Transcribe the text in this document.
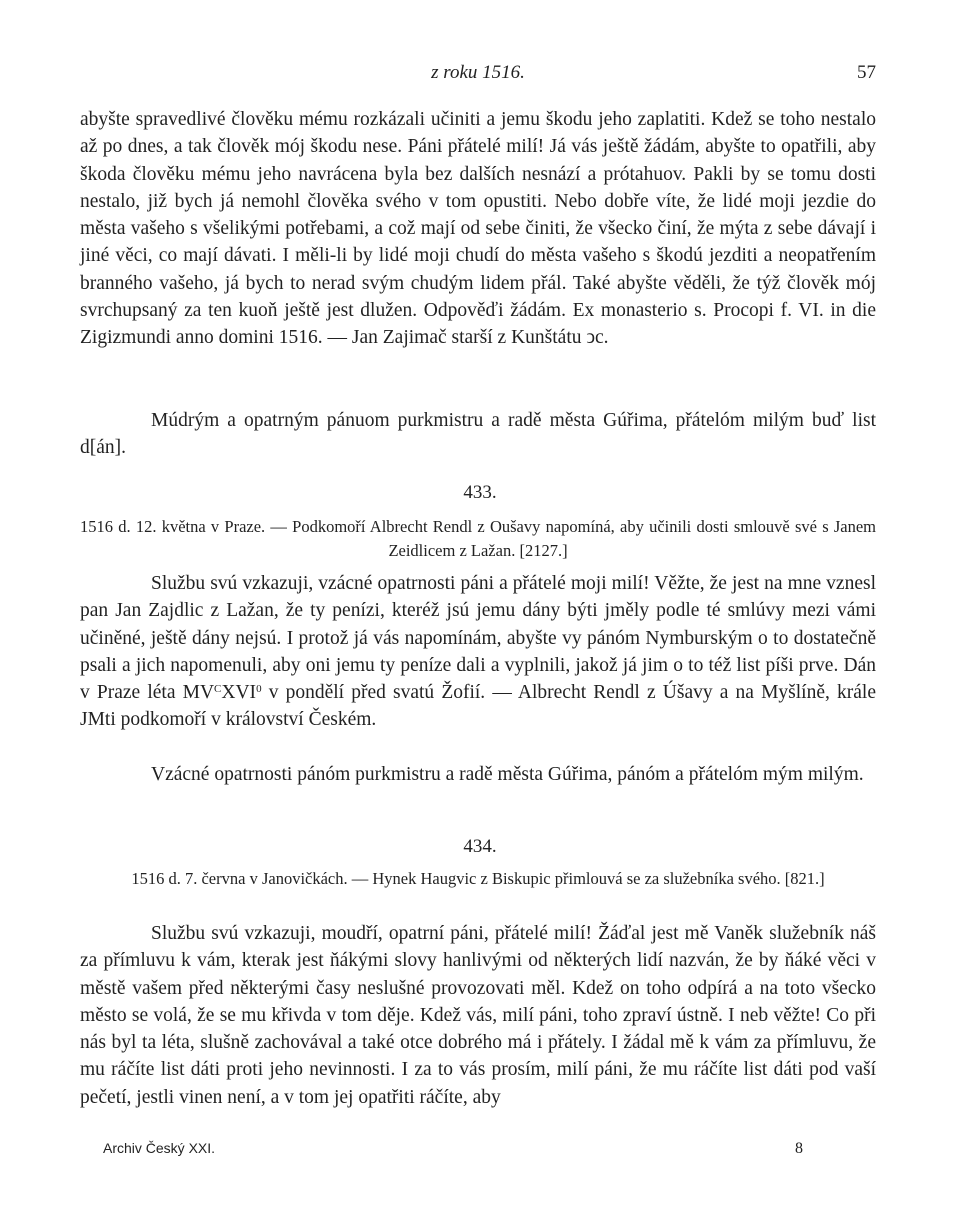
z roku 1516.	57

abyšte spravedlivé člověku mému rozkázali učiniti a jemu škodu jeho zaplatiti. Kdež se toho nestalo až po dnes, a tak člověk mój škodu nese. Páni přátelé milí! Já vás ještě žádám, abyšte to opatřili, aby škoda člověku mému jeho navrácena byla bez dalších nesnází a prótahuov. Pakli by se tomu dosti nestalo, již bych já nemohl člověka svého v tom opustiti. Nebo dobře víte, že lidé moji jezdie do města vašeho s všelikými potřebami, a což mají od sebe činiti, že všecko činí, že mýta z sebe dávají i jiné věci, co mají dávati. I měli-li by lidé moji chudí do města vašeho s škodú jezditi a neopatřením branného vašeho, já bych to nerad svým chudým lidem přál. Také abyšte věděli, že týž člověk mój svrchupsaný za ten kuoň ještě jest dlužen. Odpověďi žádám. Ex monasterio s. Procopi f. VI. in die Zigizmundi anno domini 1516. — Jan Zajimač starší z Kunštátu ͻc.

Múdrým a opatrným pánuom purkmistru a radě města Gúřima, přátelóm milým buď list d[án].

433.

1516 d. 12. května v Praze. — Podkomoří Albrecht Rendl z Oušavy napomíná, aby učinili dosti smlouvě své s Janem Zeidlicem z Lažan. [2127.]

Službu svú vzkazuji, vzácné opatrnosti páni a přátelé moji milí! Věžte, že jest na mne vznesl pan Jan Zajdlic z Lažan, že ty penízi, kteréž jsú jemu dány býti jměly podle té smlúvy mezi vámi učiněné, ještě dány nejsú. I protož já vás napomínám, abyšte vy pánóm Nymburským o to dostatečně psali a jich napomenuli, aby oni jemu ty peníze dali a vyplnili, jakož já jim o to též list píši prve. Dán v Praze léta $MV^CXVI^0$ v pondělí před svatú Žofií. — Albrecht Rendl z Úšavy a na Myšlíně, krále JMti podkomoří v království Českém.

Vzácné opatrnosti pánóm purkmistru a radě města Gúřima, pánóm a přátelóm mým milým.

434.

1516 d. 7. června v Janovičkách. — Hynek Haugvic z Biskupic přimlouvá se za služebníka svého. [821.]

Službu svú vzkazuji, moudří, opatrní páni, přátelé milí! Žáďal jest mě Vaněk služebník náš za přímluvu k vám, kterak jest ňákými slovy hanlivými od některých lidí nazván, že by ňáké věci v městě vašem před některými časy neslušné provozovati měl. Kdež on toho odpírá a na toto všecko město se volá, že se mu křivda v tom děje. Kdež vás, milí páni, toho zpraví ústně. I neb věžte! Co při nás byl ta léta, slušně zachovával a také otce dobrého má i přátely. I žádal mě k vám za přímluvu, že mu ráčíte list dáti proti jeho nevinnosti. I za to vás prosím, milí páni, že mu ráčíte list dáti pod vaší pečetí, jestli vinen není, a v tom jej opatřiti ráčíte, aby

Archiv Český XXI.	8
